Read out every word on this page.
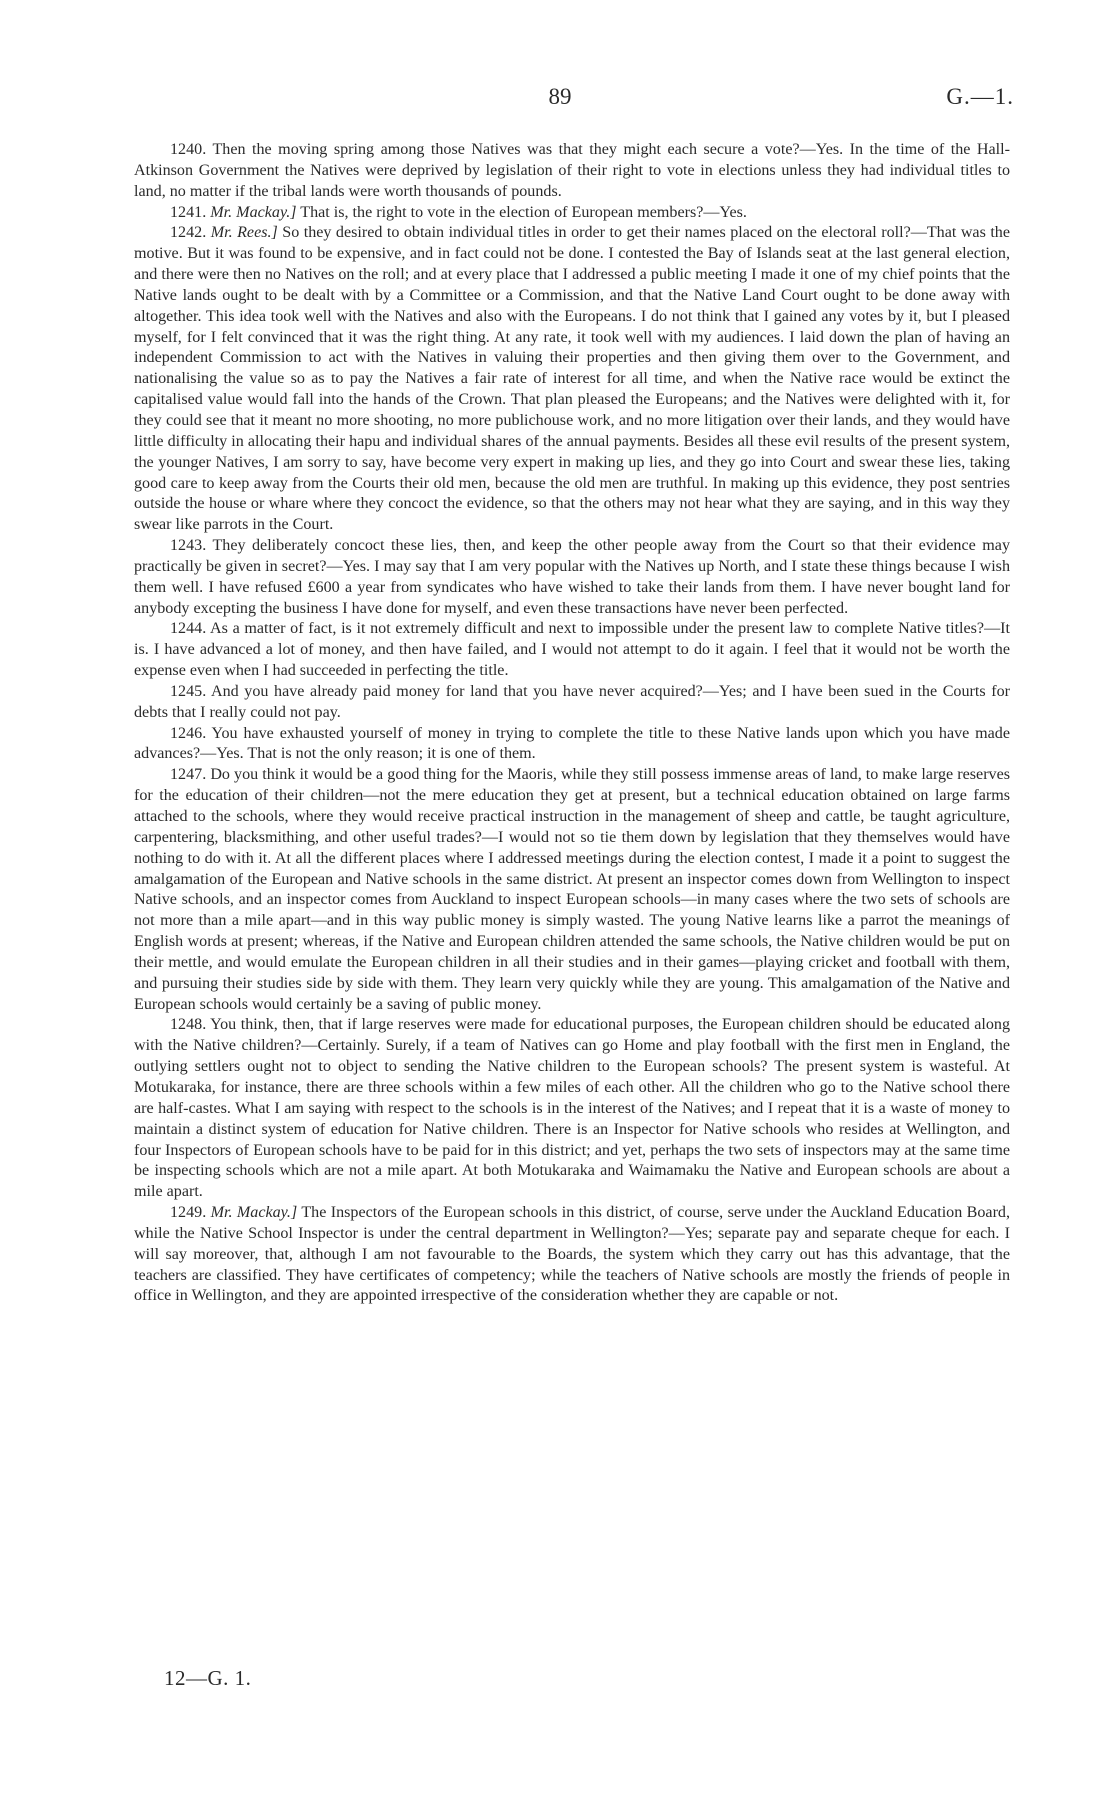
89	G.—1.

1240. Then the moving spring among those Natives was that they might each secure a vote?—Yes. In the time of the Hall-Atkinson Government the Natives were deprived by legislation of their right to vote in elections unless they had individual titles to land, no matter if the tribal lands were worth thousands of pounds.

1241. Mr. Mackay.] That is, the right to vote in the election of European members?—Yes.

1242. Mr. Rees.] So they desired to obtain individual titles in order to get their names placed on the electoral roll?—That was the motive. But it was found to be expensive, and in fact could not be done. I contested the Bay of Islands seat at the last general election, and there were then no Natives on the roll; and at every place that I addressed a public meeting I made it one of my chief points that the Native lands ought to be dealt with by a Committee or a Commission, and that the Native Land Court ought to be done away with altogether. This idea took well with the Natives and also with the Europeans. I do not think that I gained any votes by it, but I pleased myself, for I felt convinced that it was the right thing. At any rate, it took well with my audiences. I laid down the plan of having an independent Commission to act with the Natives in valuing their properties and then giving them over to the Government, and nationalising the value so as to pay the Natives a fair rate of interest for all time, and when the Native race would be extinct the capitalised value would fall into the hands of the Crown. That plan pleased the Europeans; and the Natives were delighted with it, for they could see that it meant no more shooting, no more publichouse work, and no more litigation over their lands, and they would have little difficulty in allocating their hapu and individual shares of the annual payments. Besides all these evil results of the present system, the younger Natives, I am sorry to say, have become very expert in making up lies, and they go into Court and swear these lies, taking good care to keep away from the Courts their old men, because the old men are truthful. In making up this evidence, they post sentries outside the house or whare where they concoct the evidence, so that the others may not hear what they are saying, and in this way they swear like parrots in the Court.

1243. They deliberately concoct these lies, then, and keep the other people away from the Court so that their evidence may practically be given in secret?—Yes. I may say that I am very popular with the Natives up North, and I state these things because I wish them well. I have refused £600 a year from syndicates who have wished to take their lands from them. I have never bought land for anybody excepting the business I have done for myself, and even these transactions have never been perfected.

1244. As a matter of fact, is it not extremely difficult and next to impossible under the present law to complete Native titles?—It is. I have advanced a lot of money, and then have failed, and I would not attempt to do it again. I feel that it would not be worth the expense even when I had succeeded in perfecting the title.

1245. And you have already paid money for land that you have never acquired?—Yes; and I have been sued in the Courts for debts that I really could not pay.

1246. You have exhausted yourself of money in trying to complete the title to these Native lands upon which you have made advances?—Yes. That is not the only reason; it is one of them.

1247. Do you think it would be a good thing for the Maoris, while they still possess immense areas of land, to make large reserves for the education of their children—not the mere education they get at present, but a technical education obtained on large farms attached to the schools, where they would receive practical instruction in the management of sheep and cattle, be taught agriculture, carpentering, blacksmithing, and other useful trades?—I would not so tie them down by legislation that they themselves would have nothing to do with it. At all the different places where I addressed meetings during the election contest, I made it a point to suggest the amalgamation of the European and Native schools in the same district. At present an inspector comes down from Wellington to inspect Native schools, and an inspector comes from Auckland to inspect European schools—in many cases where the two sets of schools are not more than a mile apart—and in this way public money is simply wasted. The young Native learns like a parrot the meanings of English words at present; whereas, if the Native and European children attended the same schools, the Native children would be put on their mettle, and would emulate the European children in all their studies and in their games—playing cricket and football with them, and pursuing their studies side by side with them. They learn very quickly while they are young. This amalgamation of the Native and European schools would certainly be a saving of public money.

1248. You think, then, that if large reserves were made for educational purposes, the European children should be educated along with the Native children?—Certainly. Surely, if a team of Natives can go Home and play football with the first men in England, the outlying settlers ought not to object to sending the Native children to the European schools? The present system is wasteful. At Motukaraka, for instance, there are three schools within a few miles of each other. All the children who go to the Native school there are half-castes. What I am saying with respect to the schools is in the interest of the Natives; and I repeat that it is a waste of money to maintain a distinct system of education for Native children. There is an Inspector for Native schools who resides at Wellington, and four Inspectors of European schools have to be paid for in this district; and yet, perhaps the two sets of inspectors may at the same time be inspecting schools which are not a mile apart. At both Motukaraka and Waimamaku the Native and European schools are about a mile apart.

1249. Mr. Mackay.] The Inspectors of the European schools in this district, of course, serve under the Auckland Education Board, while the Native School Inspector is under the central department in Wellington?—Yes; separate pay and separate cheque for each. I will say moreover, that, although I am not favourable to the Boards, the system which they carry out has this advantage, that the teachers are classified. They have certificates of competency; while the teachers of Native schools are mostly the friends of people in office in Wellington, and they are appointed irrespective of the consideration whether they are capable or not.

12—G. 1.
